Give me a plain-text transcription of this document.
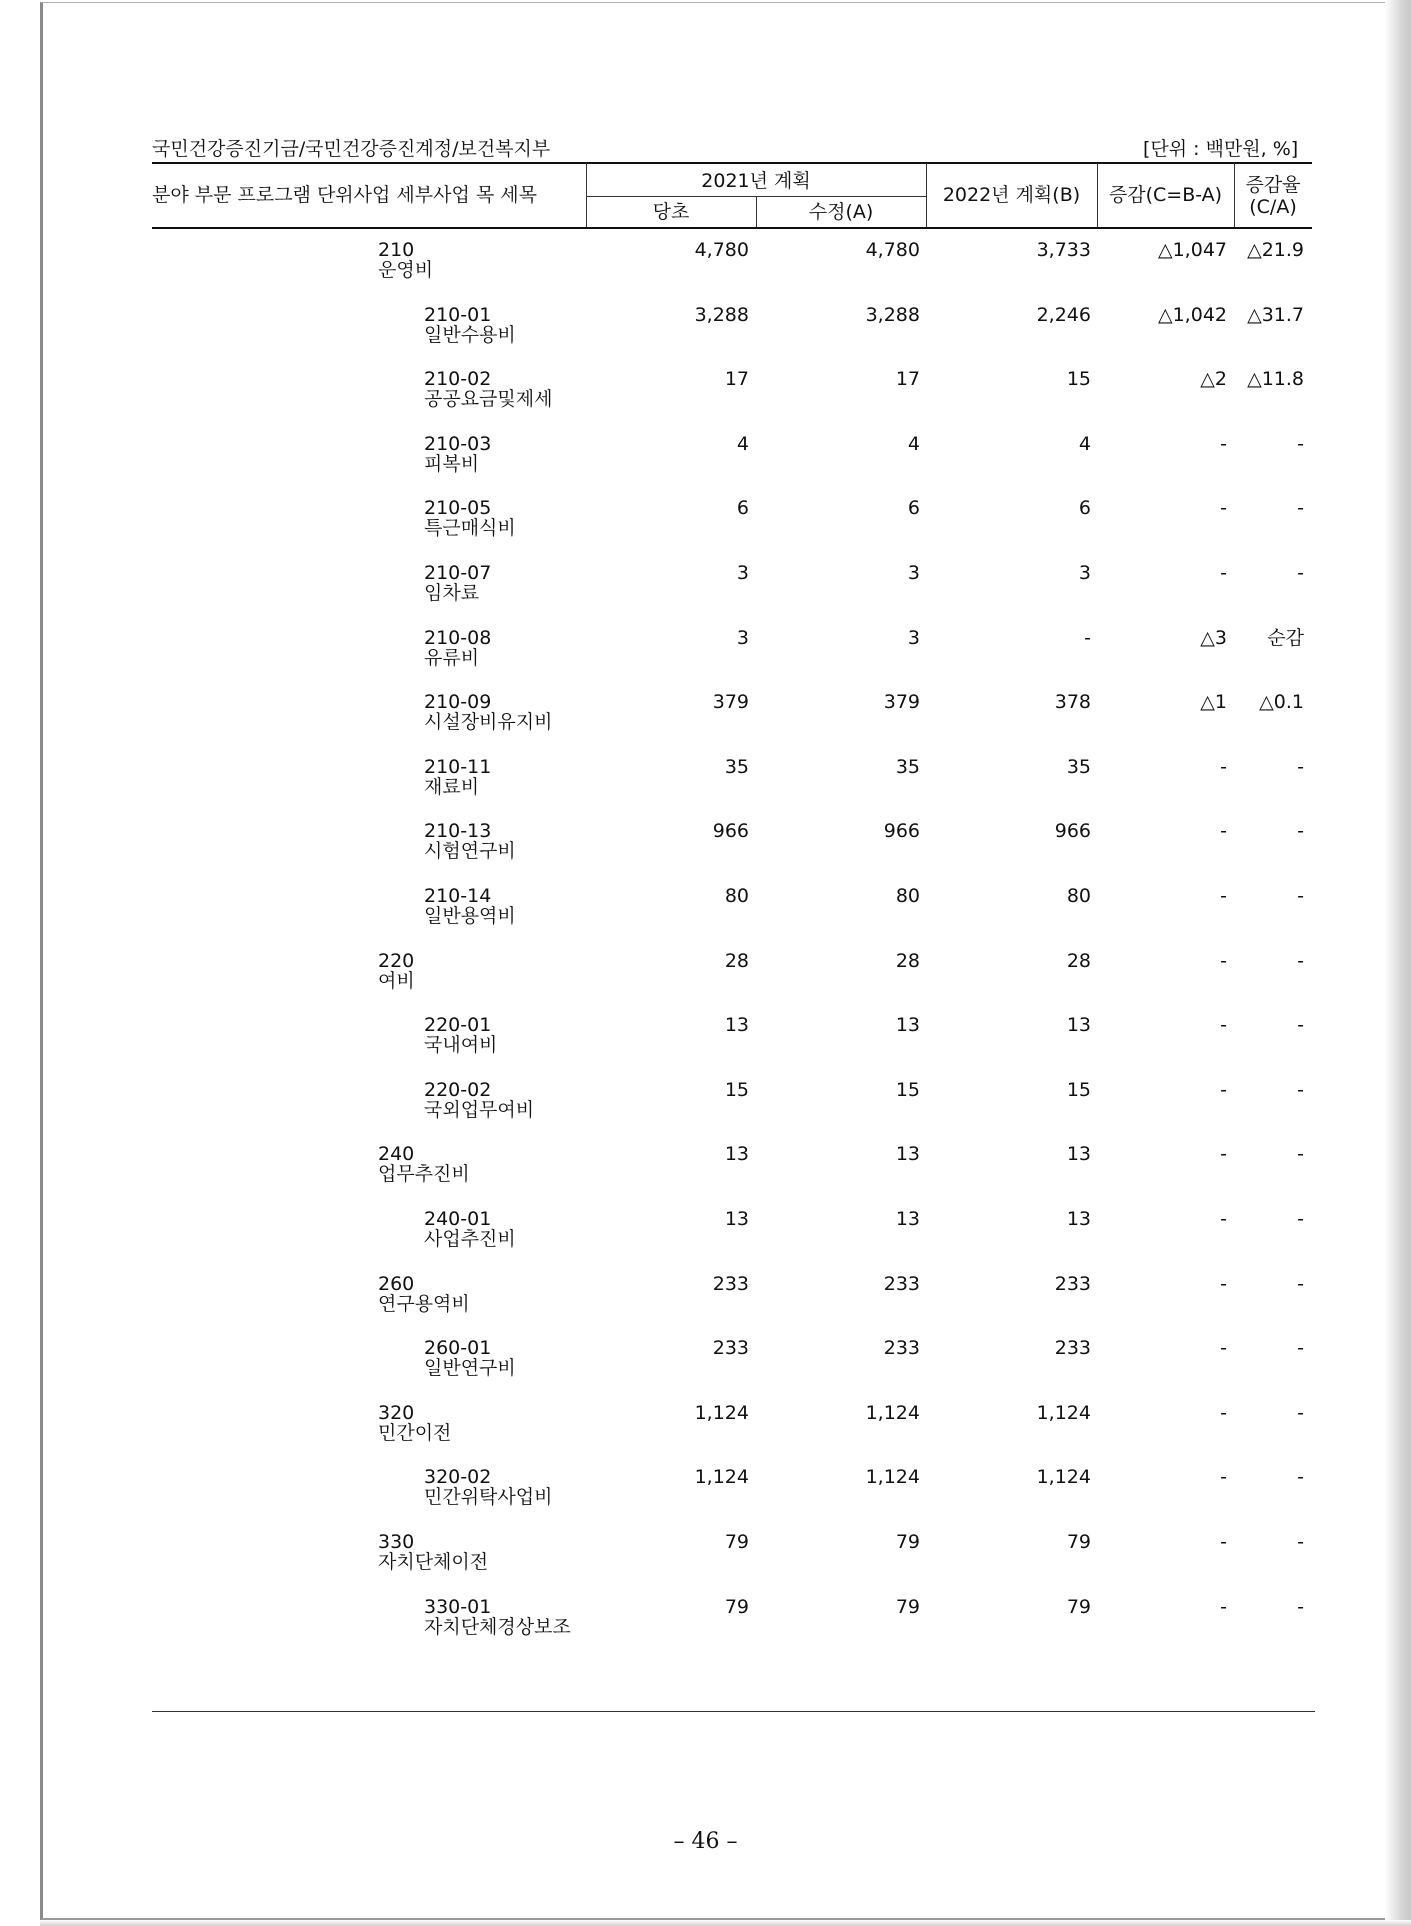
국민건강증진기금/국민건강증진계정/보건복지부	[단위 : 백만원, %]
분야 부문 프로그램 단위사업 세부사업 목 세목
2021년 계획
당초	수정(A)
2022년 계획(B)	증감(C=B-A)	증감율
(C/A)
210
운영비
4,780	4,780	3,733	△1,047 △21.9
210-01
일반수용비
3,288	3,288	2,246	△1,042 △31.7
210-02
공공요금및제세
17	17	15	△2 △11.8
210-03
피복비
4	4	4	-	-
210-05
특근매식비
6	6	6	-	-
210-07
임차료
3	3	3	-	-
210-08
유류비
3	3	-	△3 순감
210-09
시설장비유지비
379	379	378	△1 △0.1
210-11
재료비
35	35	35	-	-
210-13
시험연구비
966	966	966	-	-
210-14
일반용역비
80	80	80	-	-
220
여비
28	28	28	-	-
220-01
국내여비
13	13	13	-	-
220-02
국외업무여비
15	15	15	-	-
240
업무추진비
13	13	13	-	-
240-01
사업추진비
13	13	13	-	-
260
연구용역비
233	233	233	-	-
260-01
일반연구비
233	233	233	-	-
320
민간이전
1,124	1,124	1,124	-	-
320-02
민간위탁사업비
1,124	1,124	1,124	-	-
330
자치단체이전
79	79	79	-	-
330-01
자치단체경상보조
79	79	79	-	-
– 46 –
